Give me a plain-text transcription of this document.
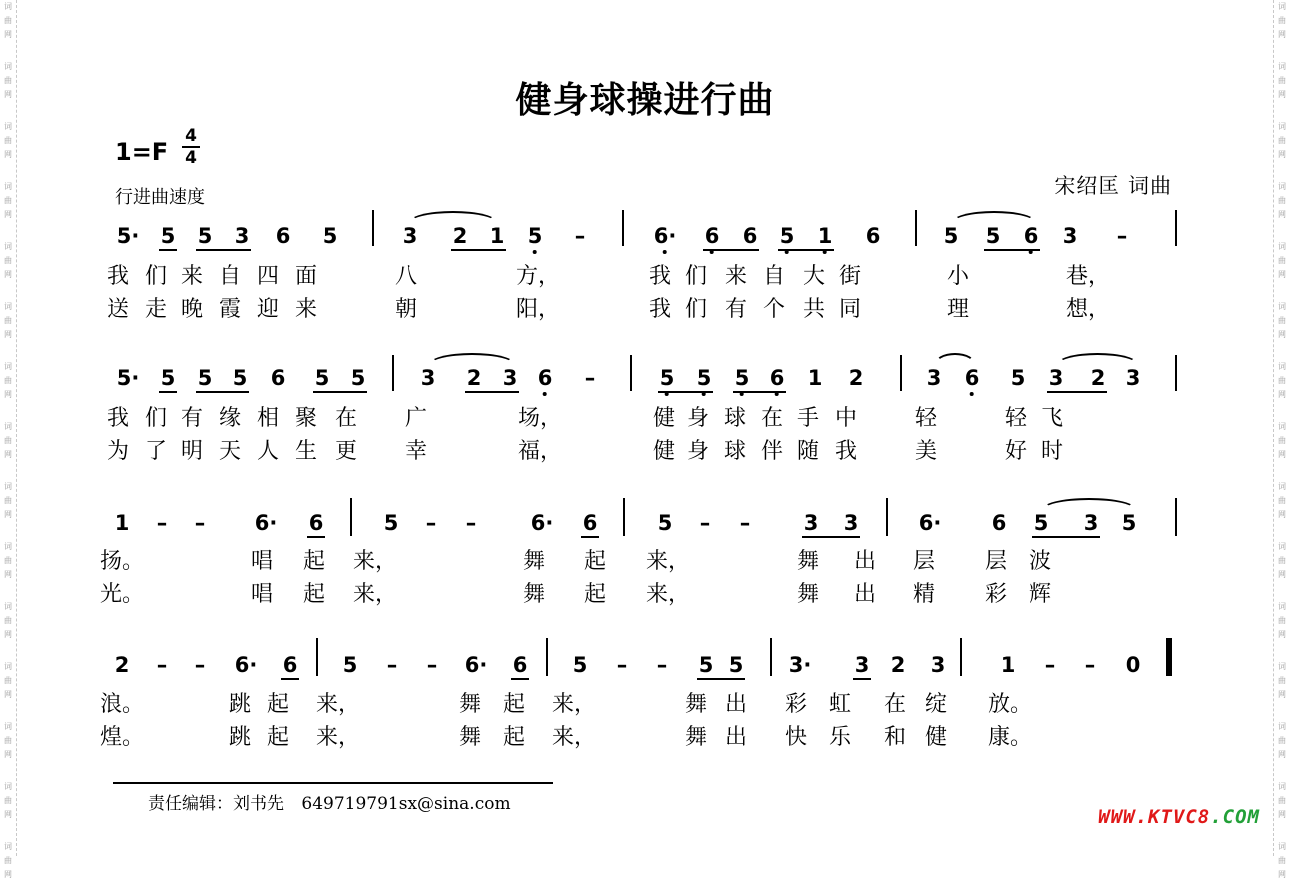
词
曲
网
词
曲
网
词
曲
网
词
曲
网
词
曲
网
词
曲
网
词
曲
网
词
曲
网
词
曲
网
词
曲
网
词
曲
网
词
曲
网
词
曲
网
词
曲
网
词
曲
网
词
曲
网
词
曲
网
词
曲
网
词
曲
网
词
曲
网
词
曲
网
词
曲
网
词
曲
网
词
曲
网
词
曲
网
词
曲
网
词
曲
网
词
曲
网
词
曲
网
词
曲
网
健身球操进行曲
1=F
4
4
行进曲速度	宋绍匡 词曲
5· 5 5 3 6 5	3 2 1 5 –	6· 6 6 5 1 6	5 5 6 3 –
我 们 来 自 四 面	八	方，	我 们 来 自 大 街	小	巷，
送 走 晚 霞 迎 来	朝	阳，	我 们 有 个 共 同	理	想，
5· 5 5 5 6 5 5	3 2 3 6 –	5 5 5 6 1 2	3 6 5 3 2 3
我 们 有 缘 相 聚 在 广	场，	健 身 球 在 手 中	轻	轻 飞
为 了 明 天 人 生 更 幸	福，	健 身 球 伴 随 我	美	好 时
1 – – 6· 6	5 – –	6· 6	5 – –	3 3	6· 6 5 3 5
扬。	唱 起 来，	舞 起 来，	舞 出 层 层 波
光。	唱 起 来，	舞 起 来，	舞 出 精 彩 辉
2 – – 6· 6 5 – – 6· 6 5 – – 5 5 3· 3 2 3	1 – – 0
浪。	跳 起 来，	舞 起 来，	舞 出 彩 虹 在 绽 放。
煌。	跳 起 来，	舞 起 来，	舞 出 快 乐 和 健 康。
责任编辑：刘书先 649719791sx@sina.com
WWW.KTVC8.COM
